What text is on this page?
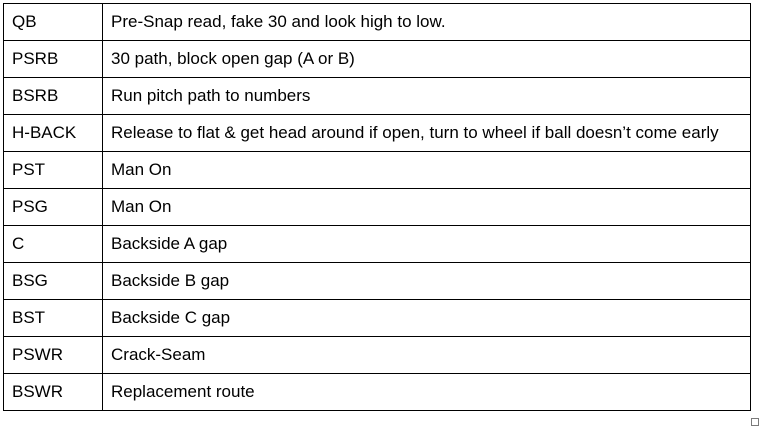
QB	Pre-Snap read, fake 30 and look high to low.
PSRB	30 path, block open gap (A or B)
BSRB	Run pitch path to numbers
H-BACK	Release to flat & get head around if open, turn to wheel if ball doesn’t come early
PST	Man On
PSG	Man On
C	Backside A gap
BSG	Backside B gap
BST	Backside C gap
PSWR	Crack-Seam
BSWR	Replacement route
